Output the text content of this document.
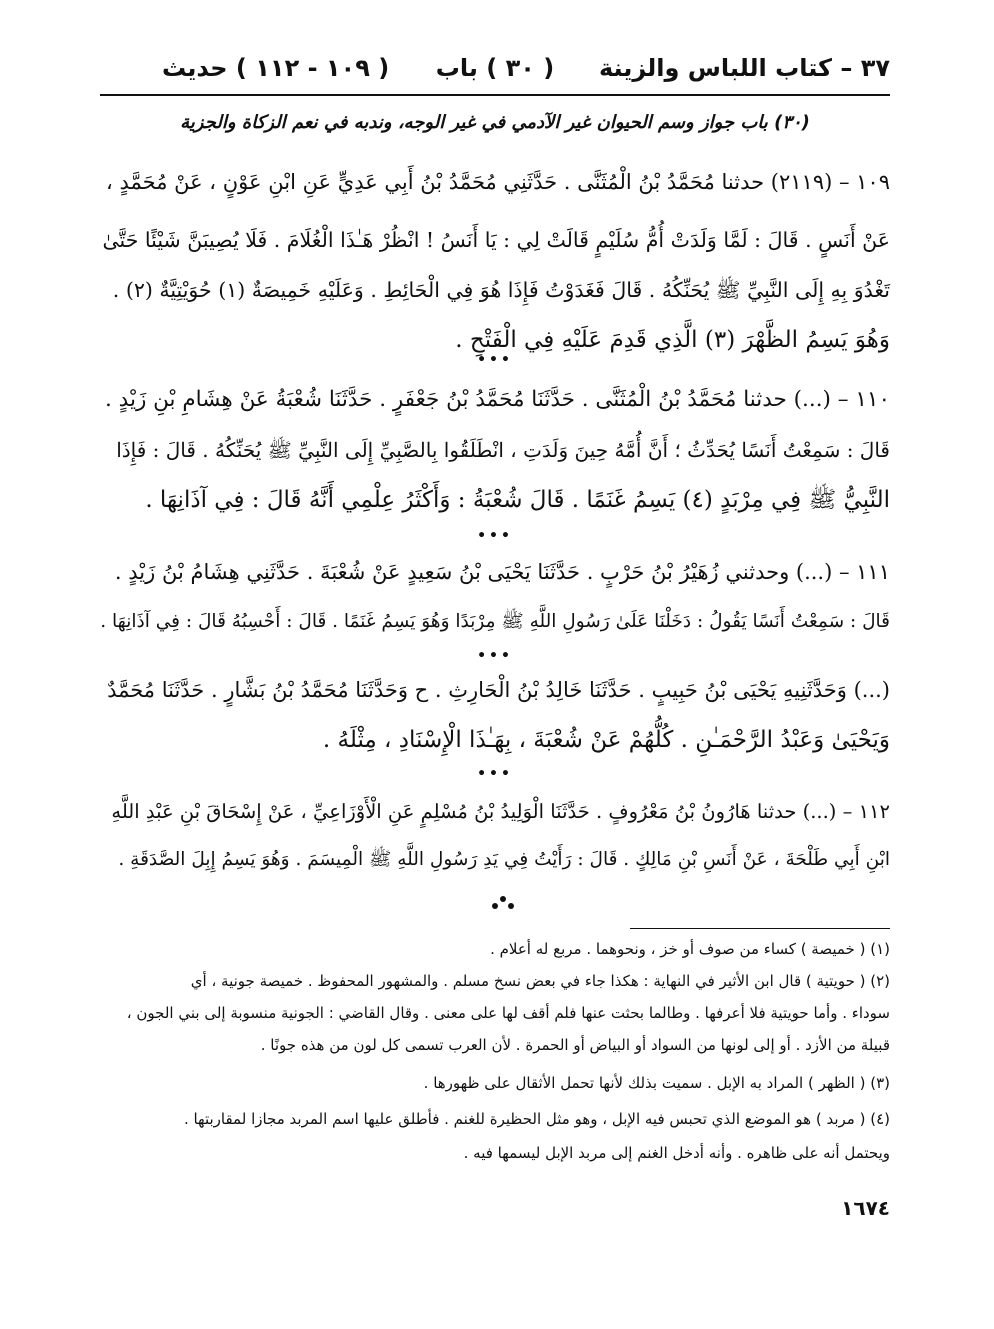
٣٧ – كتاب اللباس والزينة
( ٣٠ ) باب
( ١٠٩ - ١١٢ ) حديث
(٣٠) باب جواز وسم الحيوان غير الآدمي في غير الوجه، وندبه في نعم الزكاة والجزية
١٠٩ – (٢١١٩) حدثنا مُحَمَّدُ بْنُ الْمُثَنَّى . حَدَّثَنِي مُحَمَّدُ بْنُ أَبِي عَدِيٍّ عَنِ ابْنِ عَوْنٍ ، عَنْ مُحَمَّدٍ ،
عَنْ أَنَسٍ . قَالَ : لَمَّا وَلَدَتْ أُمُّ سُلَيْمٍ قَالَتْ لِي : يَا أَنَسُ ! انْظُرْ هَـٰذَا الْغُلَامَ . فَلَا يُصِيبَنَّ شَيْئًا حَتَّىٰ
تَغْدُوَ بِهِ إِلَى النَّبِيِّ ﷺ يُحَنِّكُهُ . قَالَ فَغَدَوْتُ فَإِذَا هُوَ فِي الْحَائِطِ . وَعَلَيْهِ خَمِيصَةٌ (١) حُوَيْتِيَّةٌ (٢) .
وَهُوَ يَسِمُ الظَّهْرَ (٣) الَّذِي قَدِمَ عَلَيْهِ فِي الْفَتْحِ .
•••
١١٠ – (...) حدثنا مُحَمَّدُ بْنُ الْمُثَنَّى . حَدَّثَنَا مُحَمَّدُ بْنُ جَعْفَرٍ . حَدَّثَنَا شُعْبَةُ عَنْ هِشَامِ بْنِ زَيْدٍ .
قَالَ : سَمِعْتُ أَنَسًا يُحَدِّثُ ؛ أَنَّ أُمَّهُ حِينَ وَلَدَتِ ، انْطَلَقُوا بِالصَّبِيِّ إِلَى النَّبِيِّ ﷺ يُحَنِّكُهُ . قَالَ : فَإِذَا
النَّبِيُّ ﷺ فِي مِرْبَدٍ (٤) يَسِمُ غَنَمًا . قَالَ شُعْبَةُ : وَأَكْثَرُ عِلْمِي أَنَّهُ قَالَ : فِي آذَانِهَا .
•••
١١١ – (...) وحدثني زُهَيْرُ بْنُ حَرْبٍ . حَدَّثَنَا يَحْيَى بْنُ سَعِيدٍ عَنْ شُعْبَةَ . حَدَّثَنِي هِشَامُ بْنُ زَيْدٍ .
قَالَ : سَمِعْتُ أَنَسًا يَقُولُ : دَخَلْنَا عَلَىٰ رَسُولِ اللَّهِ ﷺ مِرْبَدًا وَهُوَ يَسِمُ غَنَمًا . قَالَ : أَحْسِبُهُ قَالَ : فِي آذَانِهَا .
•••
(...) وَحَدَّثَنِيهِ يَحْيَى بْنُ حَبِيبٍ . حَدَّثَنَا خَالِدُ بْنُ الْحَارِثِ . ح وَحَدَّثَنَا مُحَمَّدُ بْنُ بَشَّارٍ . حَدَّثَنَا مُحَمَّدٌ
وَيَحْيَىٰ وَعَبْدُ الرَّحْمَـٰنِ . كُلُّهُمْ عَنْ شُعْبَةَ ، بِهَـٰذَا الْإِسْنَادِ ، مِثْلَهُ .
•••
١١٢ – (...) حدثنا هَارُونُ بْنُ مَعْرُوفٍ . حَدَّثَنَا الْوَلِيدُ بْنُ مُسْلِمٍ عَنِ الْأَوْزَاعِيِّ ، عَنْ إِسْحَاقَ بْنِ عَبْدِ اللَّهِ
ابْنِ أَبِي طَلْحَةَ ، عَنْ أَنَسِ بْنِ مَالِكٍ . قَالَ : رَأَيْتُ فِي يَدِ رَسُولِ اللَّهِ ﷺ الْمِيسَمَ . وَهُوَ يَسِمُ إِبِلَ الصَّدَقَةِ .
(١) ( خميصة ) كساء من صوف أو خز ، ونحوهما . مربع له أعلام .
(٢) ( حويتية ) قال ابن الأثير في النهاية : هكذا جاء في بعض نسخ مسلم . والمشهور المحفوظ . خميصة جونية ، أي
سوداء . وأما حويتية فلا أعرفها . وطالما بحثت عنها فلم أقف لها على معنى . وقال القاضي : الجونية منسوبة إلى بني الجون ،
قبيلة من الأزد . أو إلى لونها من السواد أو البياض أو الحمرة . لأن العرب تسمى كل لون من هذه جونًا .
(٣) ( الظهر ) المراد به الإبل . سميت بذلك لأنها تحمل الأثقال على ظهورها .
(٤) ( مربد ) هو الموضع الذي تحبس فيه الإبل ، وهو مثل الحظيرة للغنم . فأطلق عليها اسم المربد مجازا لمقاربتها .
ويحتمل أنه على ظاهره . وأنه أدخل الغنم إلى مربد الإبل ليسمها فيه .
١٦٧٤
